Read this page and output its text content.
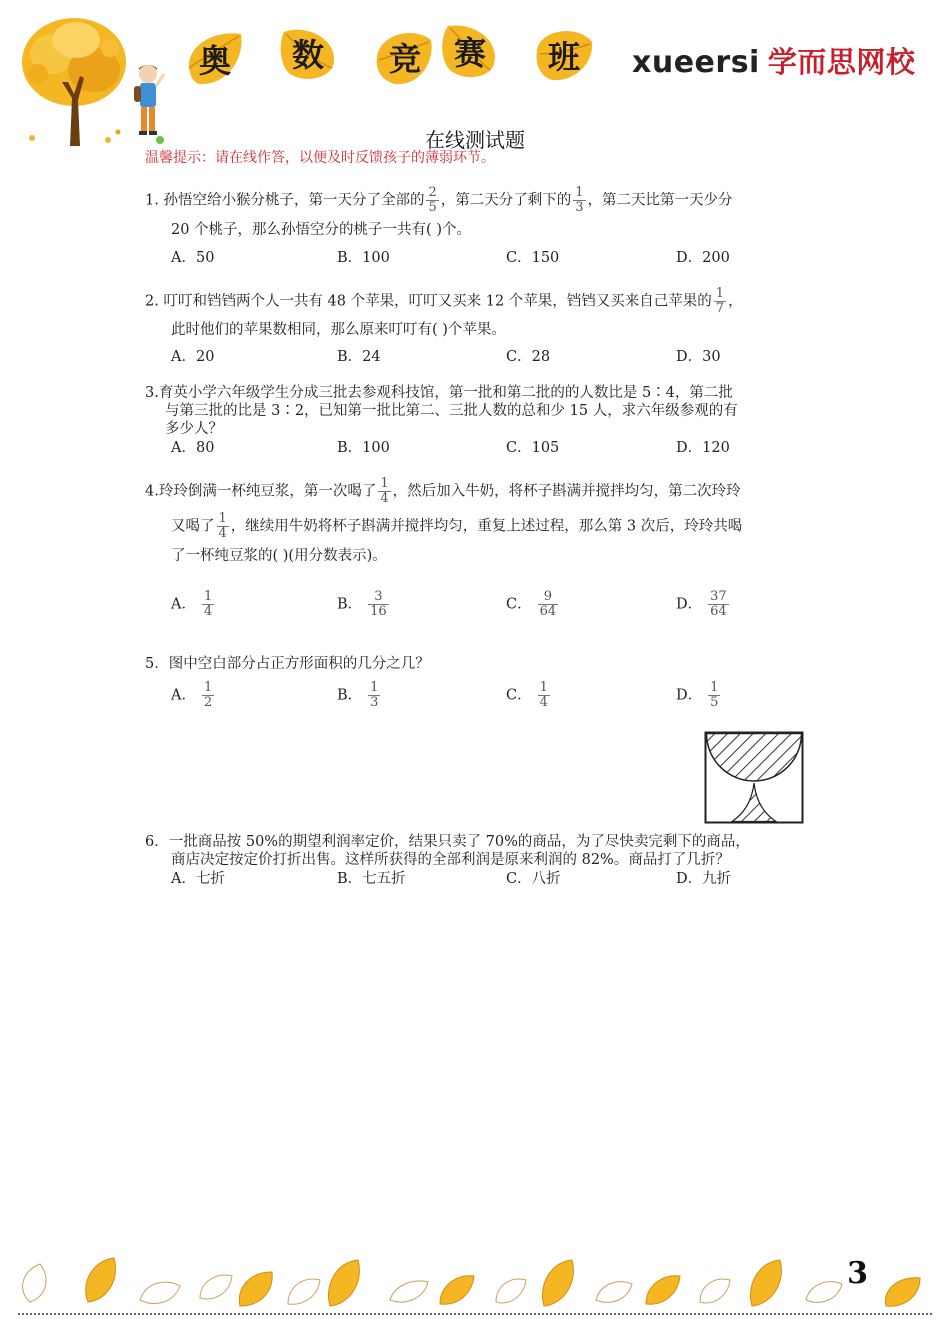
奥	数	竞	赛	班	xueersi 学而思网校
在线测试题
温馨提示：请在线作答，以便及时反馈孩子的薄弱环节。
1. 孙悟空给小猴分桃子，第一天分了全部的 $\frac{2}{5}$ ，第二天分了剩下的 $\frac{1}{3}$ ，第二天比第一天少分
20 个桃子，那么孙悟空分的桃子一共有( )个。
A．50	B．100	C．150	D．200
2. 叮叮和铛铛两个人一共有 48 个苹果，叮叮又买来 12 个苹果，铛铛又买来自己苹果的 $\frac{1}{7}$ ，
此时他们的苹果数相同，那么原来叮叮有( )个苹果。
A．20	B．24	C．28	D．30
3.育英小学六年级学生分成三批去参观科技馆，第一批和第二批的的人数比是 5∶4，第二批
与第三批的比是 3∶2，已知第一批比第二、三批人数的总和少 15 人，求六年级参观的有
多少人？
A．80	B．100	C．105	D．120
4.玲玲倒满一杯纯豆浆，第一次喝了 $\frac{1}{4}$ ，然后加入牛奶，将杯子斟满并搅拌均匀，第二次玲玲
又喝了 $\frac{1}{4}$ ，继续用牛奶将杯子斟满并搅拌均匀，重复上述过程，那么第 3 次后，玲玲共喝
了一杯纯豆浆的( )(用分数表示)。
A． $\frac{1}{4}$	B． $\frac{3}{16}$	C． $\frac{9}{64}$	D． $\frac{37}{64}$
5．图中空白部分占正方形面积的几分之几？
A． $\frac{1}{2}$	B． $\frac{1}{3}$	C． $\frac{1}{4}$	D． $\frac{1}{5}$
6．一批商品按 50%的期望利润率定价，结果只卖了 70%的商品，为了尽快卖完剩下的商品，
商店决定按定价打折出售。这样所获得的全部利润是原来利润的 82%。商品打了几折？
A．七折	B．七五折	C．八折	D．九折
3
